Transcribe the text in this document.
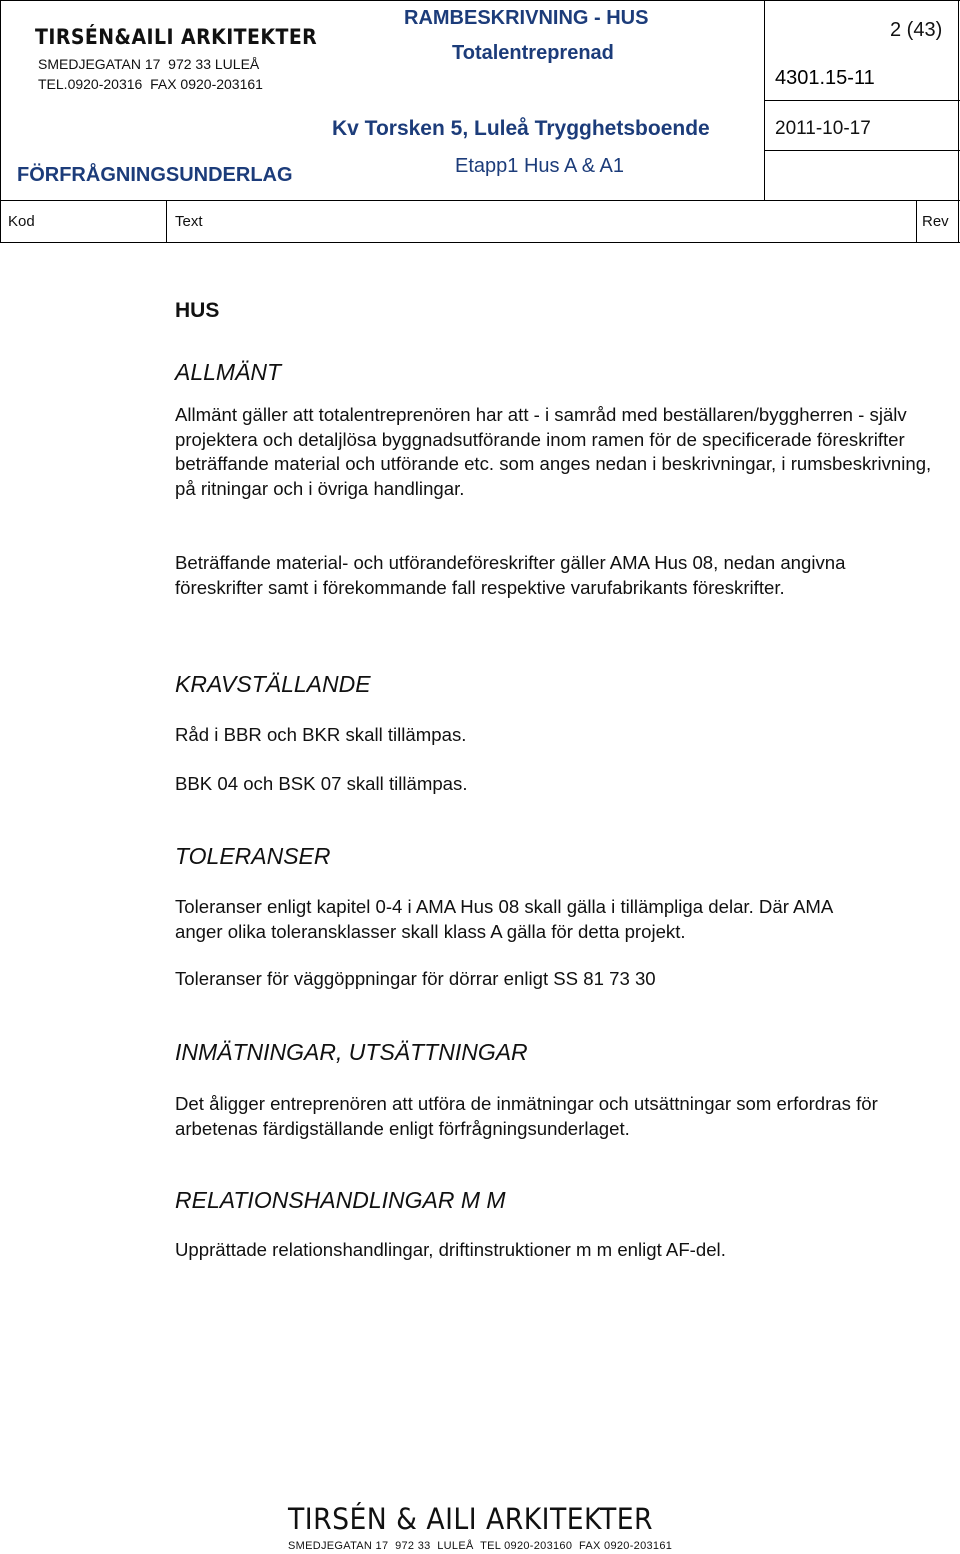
TIRSÉN&AILI ARKITEKTER
SMEDJEGATAN 17  972 33 LULEÅ
TEL.0920-20316  FAX 0920-203161
RAMBESKRIVNING - HUS
Totalentreprenad
4301.15-11
2 (43)
Kv Torsken 5, Luleå Trygghetsboende	2011-10-17
FÖRFRÅGNINGSUNDERLAG	Etapp1 Hus A & A1
Kod	Text	Rev
HUS
ALLMÄNT

Allmänt gäller att totalentreprenören har att - i samråd med beställaren/byggherren - själv projektera och detaljlösa byggnadsutförande inom ramen för de specificerade föreskrifter beträffande material och utförande etc. som anges nedan i beskrivningar, i rumsbeskrivning, på ritningar och i övriga handlingar.

Beträffande material- och utförandeföreskrifter gäller AMA Hus 08, nedan angivna föreskrifter samt i förekommande fall respektive varufabrikants föreskrifter.

KRAVSTÄLLANDE

Råd i BBR och BKR skall tillämpas.

BBK 04 och BSK 07 skall tillämpas.

TOLERANSER

Toleranser enligt kapitel 0-4 i AMA Hus 08 skall gälla i tillämpliga delar. Där AMA anger olika toleransklasser skall klass A gälla för detta projekt.

Toleranser för väggöppningar för dörrar enligt SS 81 73 30

INMÄTNINGAR, UTSÄTTNINGAR

Det åligger entreprenören att utföra de inmätningar och utsättningar som erfordras för arbetenas färdigställande enligt förfrågningsunderlaget.

RELATIONSHANDLINGAR M M

Upprättade relationshandlingar, driftinstruktioner m m enligt AF-del.

TIRSÉN & AILI ARKITEKTER
SMEDJEGATAN 17  972 33  LULEÅ  TEL 0920-203160  FAX 0920-203161
